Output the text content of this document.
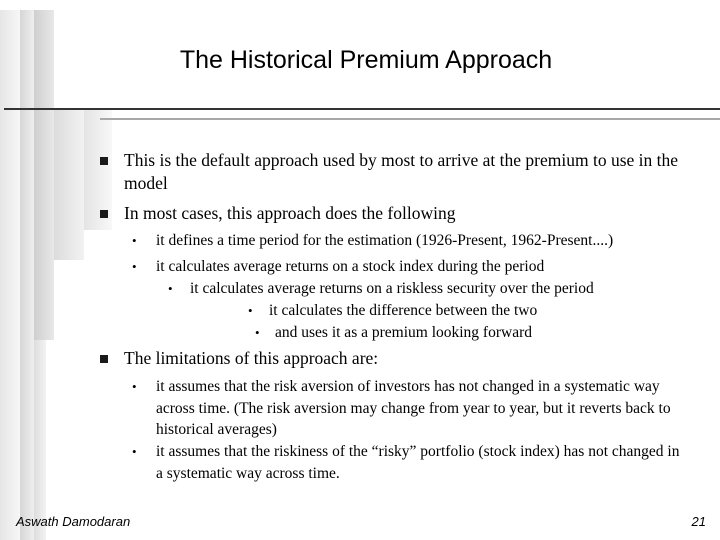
The Historical Premium Approach
This is the default approach used by most to arrive at the premium to use in the model
In most cases, this approach does the following
• it defines a time period for the estimation (1926-Present, 1962-Present....)
• it calculates average returns on a stock index during the period
• it calculates average returns on a riskless security over the period
• it calculates the difference between the two
• and uses it as a premium looking forward
The limitations of this approach are:
• it assumes that the risk aversion of investors has not changed in a systematic way across time. (The risk aversion may change from year to year, but it reverts back to historical averages)
• it assumes that the riskiness of the “risky” portfolio (stock index) has not changed in a systematic way across time.
Aswath Damodaran	21
